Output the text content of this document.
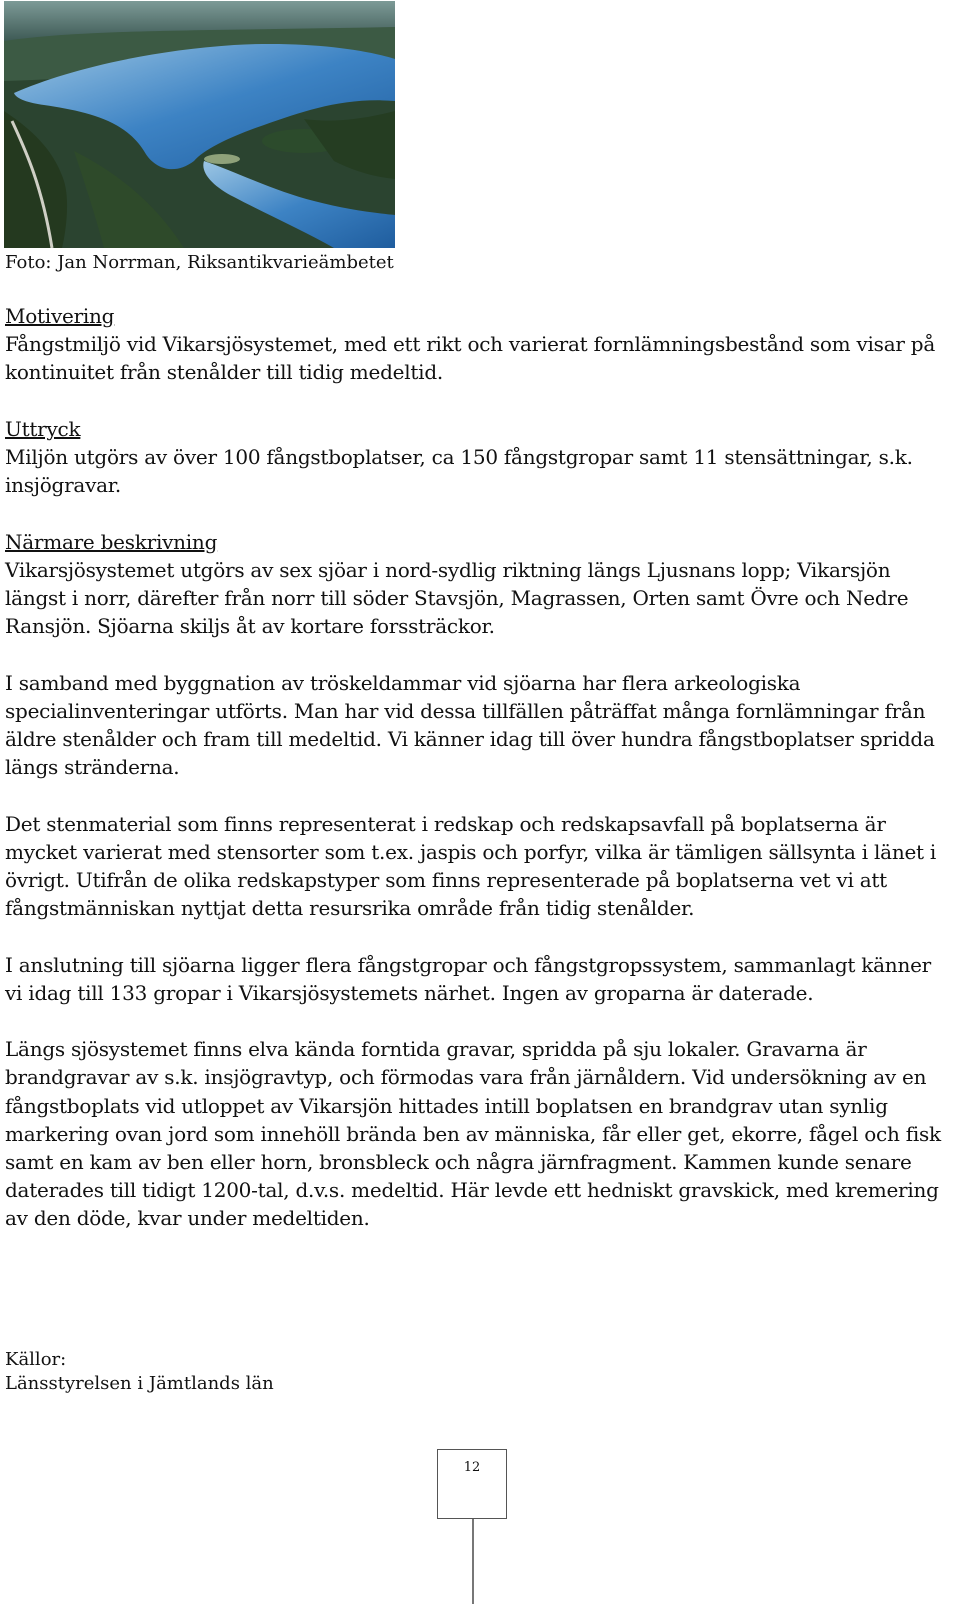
Foto: Jan Norrman, Riksantikvarieämbetet

Motivering
Fångstmiljö vid Vikarsjösystemet, med ett rikt och varierat fornlämningsbestånd som visar på kontinuitet från stenålder till tidig medeltid.

Uttryck
Miljön utgörs av över 100 fångstboplatser, ca 150 fångstgropar samt 11 stensättningar, s.k. insjögravar.

Närmare beskrivning
Vikarsjösystemet utgörs av sex sjöar i nord-sydlig riktning längs Ljusnans lopp; Vikarsjön längst i norr, därefter från norr till söder Stavsjön, Magrassen, Orten samt Övre och Nedre Ransjön. Sjöarna skiljs åt av kortare forssträckor.

I samband med byggnation av tröskeldammar vid sjöarna har flera arkeologiska specialinventeringar utförts. Man har vid dessa tillfällen påträffat många fornlämningar från äldre stenålder och fram till medeltid. Vi känner idag till över hundra fångstboplatser spridda längs stränderna.

Det stenmaterial som finns representerat i redskap och redskapsavfall på boplatserna är mycket varierat med stensorter som t.ex. jaspis och porfyr, vilka är tämligen sällsynta i länet i övrigt. Utifrån de olika redskapstyper som finns representerade på boplatserna vet vi att fångstmänniskan nyttjat detta resursrika område från tidig stenålder.

I anslutning till sjöarna ligger flera fångstgropar och fångstgropssystem, sammanlagt känner vi idag till 133 gropar i Vikarsjösystemets närhet. Ingen av groparna är daterade.

Längs sjösystemet finns elva kända forntida gravar, spridda på sju lokaler. Gravarna är brandgravar av s.k. insjögravtyp, och förmodas vara från järnåldern. Vid undersökning av en fångstboplats vid utloppet av Vikarsjön hittades intill boplatsen en brandgrav utan synlig markering ovan jord som innehöll brända ben av människa, får eller get, ekorre, fågel och fisk samt en kam av ben eller horn, bronsbleck och några järnfragment. Kammen kunde senare daterades till tidigt 1200-tal, d.v.s. medeltid. Här levde ett hedniskt gravskick, med kremering av den döde, kvar under medeltiden.

Källor:
Länsstyrelsen i Jämtlands län
12
